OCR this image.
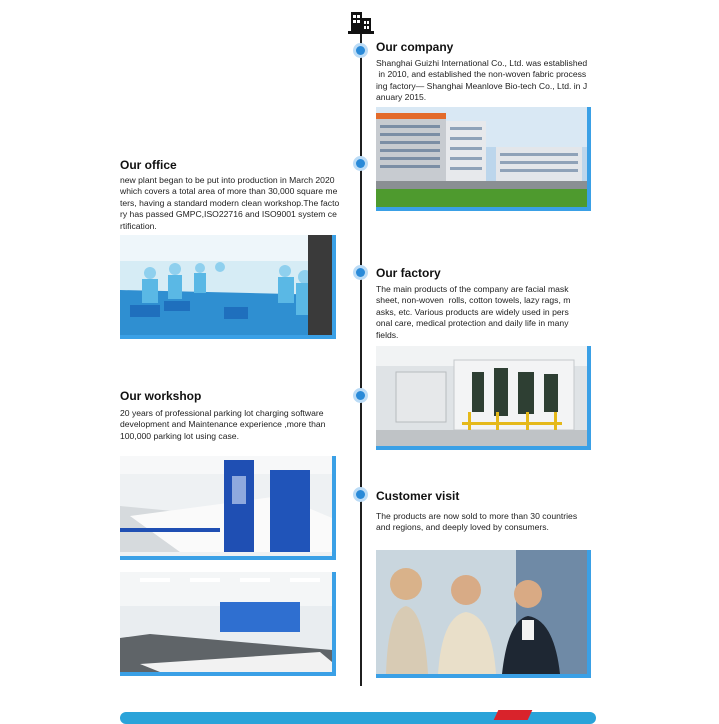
Our company
Shanghai Guizhi International Co., Ltd. was established
in 2010, and established the non-woven fabric process
ing factory— Shanghai Meanlove Bio-tech Co., Ltd. in J
anuary 2015.
Our office
new plant began to be put into production in March 2020
which covers a total area of more than 30,000 square me
ters, having a standard modern clean workshop.The facto
ry has passed GMPC,ISO22716 and ISO9001 system ce
rtification.
Our factory
The main products of the company are facial mask
sheet, non-woven  rolls, cotton towels, lazy rags, m
asks, etc. Various products are widely used in pers
onal care, medical protection and daily life in many
fields.
Our workshop
20 years of professional parking lot charging software
development and Maintenance experience ,more than
100,000 parking lot using case.
Customer visit
The products are now sold to more than 30 countries
and regions, and deeply loved by consumers.
